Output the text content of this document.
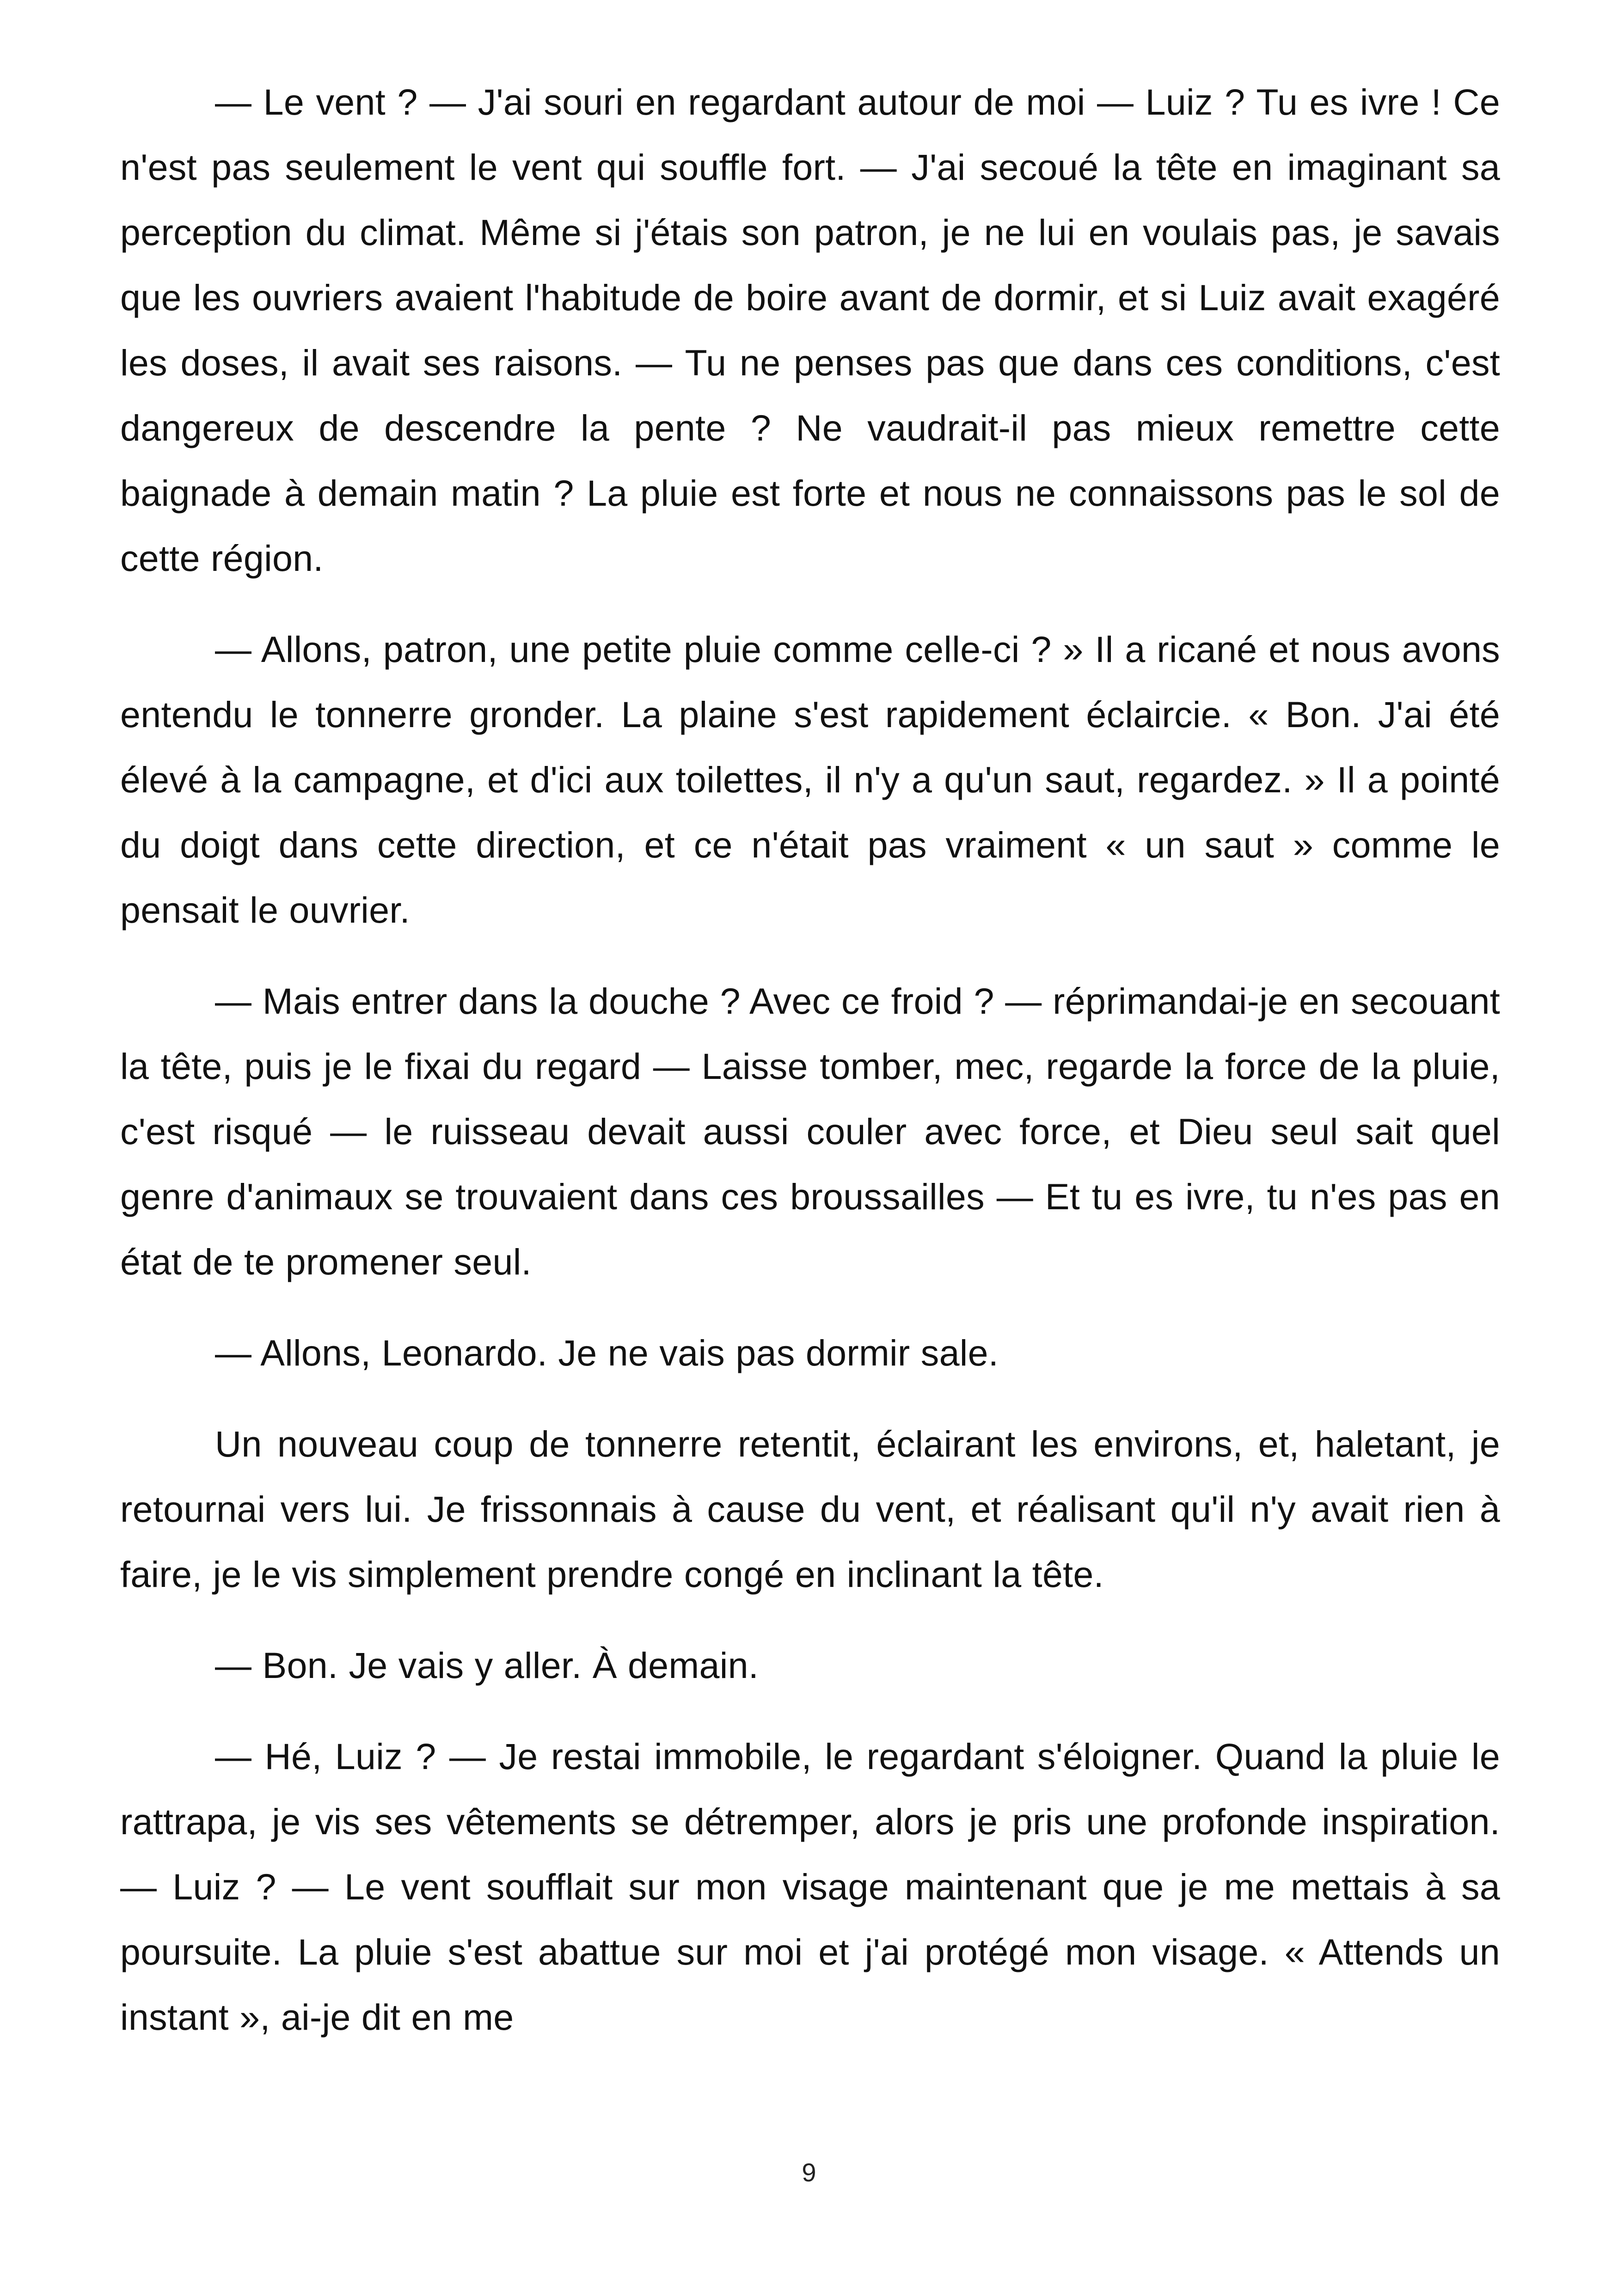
— Le vent ? — J'ai souri en regardant autour de moi — Luiz ? Tu es ivre ! Ce n'est pas seulement le vent qui souffle fort. — J'ai secoué la tête en imaginant sa perception du climat. Même si j'étais son patron, je ne lui en voulais pas, je savais que les ouvriers avaient l'habitude de boire avant de dormir, et si Luiz avait exagéré les doses, il avait ses raisons. — Tu ne penses pas que dans ces conditions, c'est dangereux de descendre la pente ? Ne vaudrait-il pas mieux remettre cette baignade à demain matin ? La pluie est forte et nous ne connaissons pas le sol de cette région.

— Allons, patron, une petite pluie comme celle-ci ? » Il a ricané et nous avons entendu le tonnerre gronder. La plaine s'est rapidement éclaircie. « Bon. J'ai été élevé à la campagne, et d'ici aux toilettes, il n'y a qu'un saut, regardez. » Il a pointé du doigt dans cette direction, et ce n'était pas vraiment « un saut » comme le pensait le ouvrier.

— Mais entrer dans la douche ? Avec ce froid ? — réprimandai-je en secouant la tête, puis je le fixai du regard — Laisse tomber, mec, regarde la force de la pluie, c'est risqué — le ruisseau devait aussi couler avec force, et Dieu seul sait quel genre d'animaux se trouvaient dans ces broussailles — Et tu es ivre, tu n'es pas en état de te promener seul.

— Allons, Leonardo. Je ne vais pas dormir sale.

Un nouveau coup de tonnerre retentit, éclairant les environs, et, haletant, je retournai vers lui. Je frissonnais à cause du vent, et réalisant qu'il n'y avait rien à faire, je le vis simplement prendre congé en inclinant la tête.

— Bon. Je vais y aller. À demain.

— Hé, Luiz ? — Je restai immobile, le regardant s'éloigner. Quand la pluie le rattrapa, je vis ses vêtements se détremper, alors je pris une profonde inspiration. — Luiz ? — Le vent soufflait sur mon visage maintenant que je me mettais à sa poursuite. La pluie s'est abattue sur moi et j'ai protégé mon visage. « Attends un instant », ai-je dit en me

9
